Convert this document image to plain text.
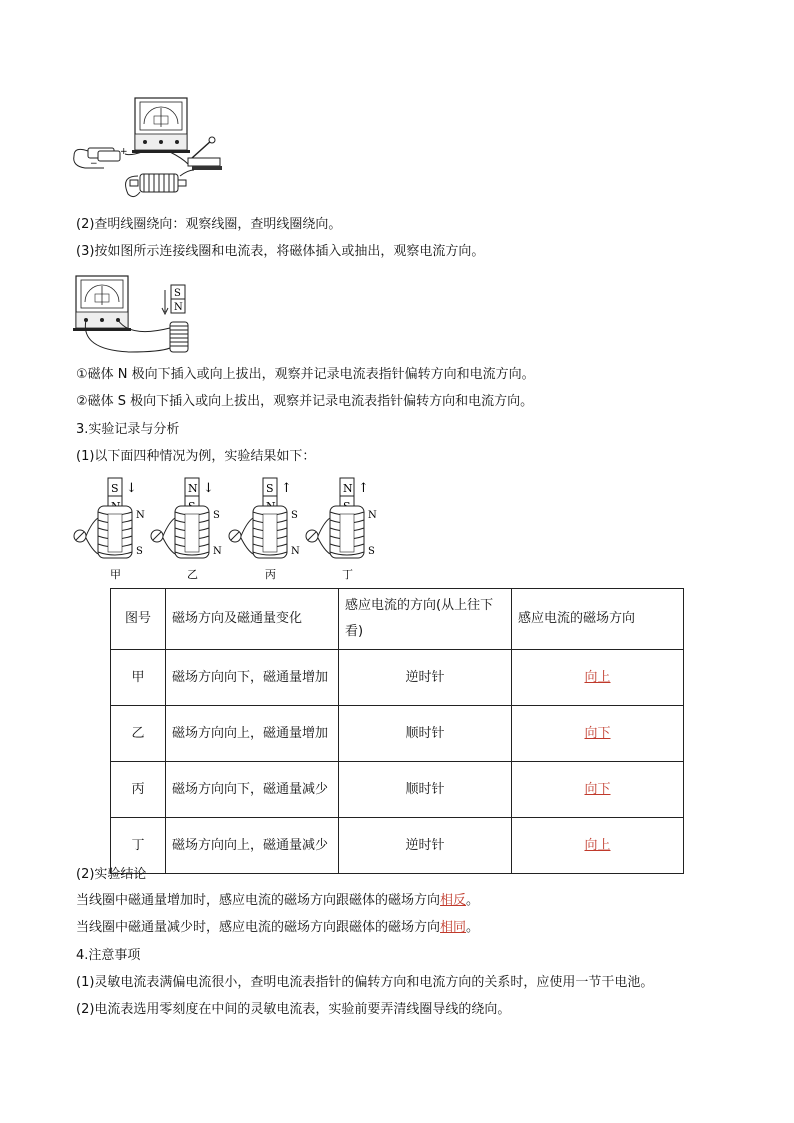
+
−
(2)查明线圈绕向：观察线圈，查明线圈绕向。
(3)按如图所示连接线圈和电流表，将磁体插入或抽出，观察电流方向。
S
N
①磁体 N 极向下插入或向上拔出，观察并记录电流表指针偏转方向和电流方向。
②磁体 S 极向下插入或向上拔出，观察并记录电流表指针偏转方向和电流方向。
3.实验记录与分析
(1)以下面四种情况为例，实验结果如下：
S ↓
N
S
甲
N ↓
S
N
乙
S ↑
S
N
丙
N ↑
N
S
丁
图号	磁场方向及磁通量变化	感应电流的方向(从上往下看)	感应电流的磁场方向
甲	磁场方向向下，磁通量增加	逆时针	向上
乙	磁场方向向上，磁通量增加	顺时针	向下
丙	磁场方向向下，磁通量减少	顺时针	向下
丁	磁场方向向上，磁通量减少	逆时针	向上
(2)实验结论
当线圈中磁通量增加时，感应电流的磁场方向跟磁体的磁场方向相反。
当线圈中磁通量减少时，感应电流的磁场方向跟磁体的磁场方向相同。
4.注意事项
(1)灵敏电流表满偏电流很小，查明电流表指针的偏转方向和电流方向的关系时，应使用一节干电池。
(2)电流表选用零刻度在中间的灵敏电流表，实验前要弄清线圈导线的绕向。
